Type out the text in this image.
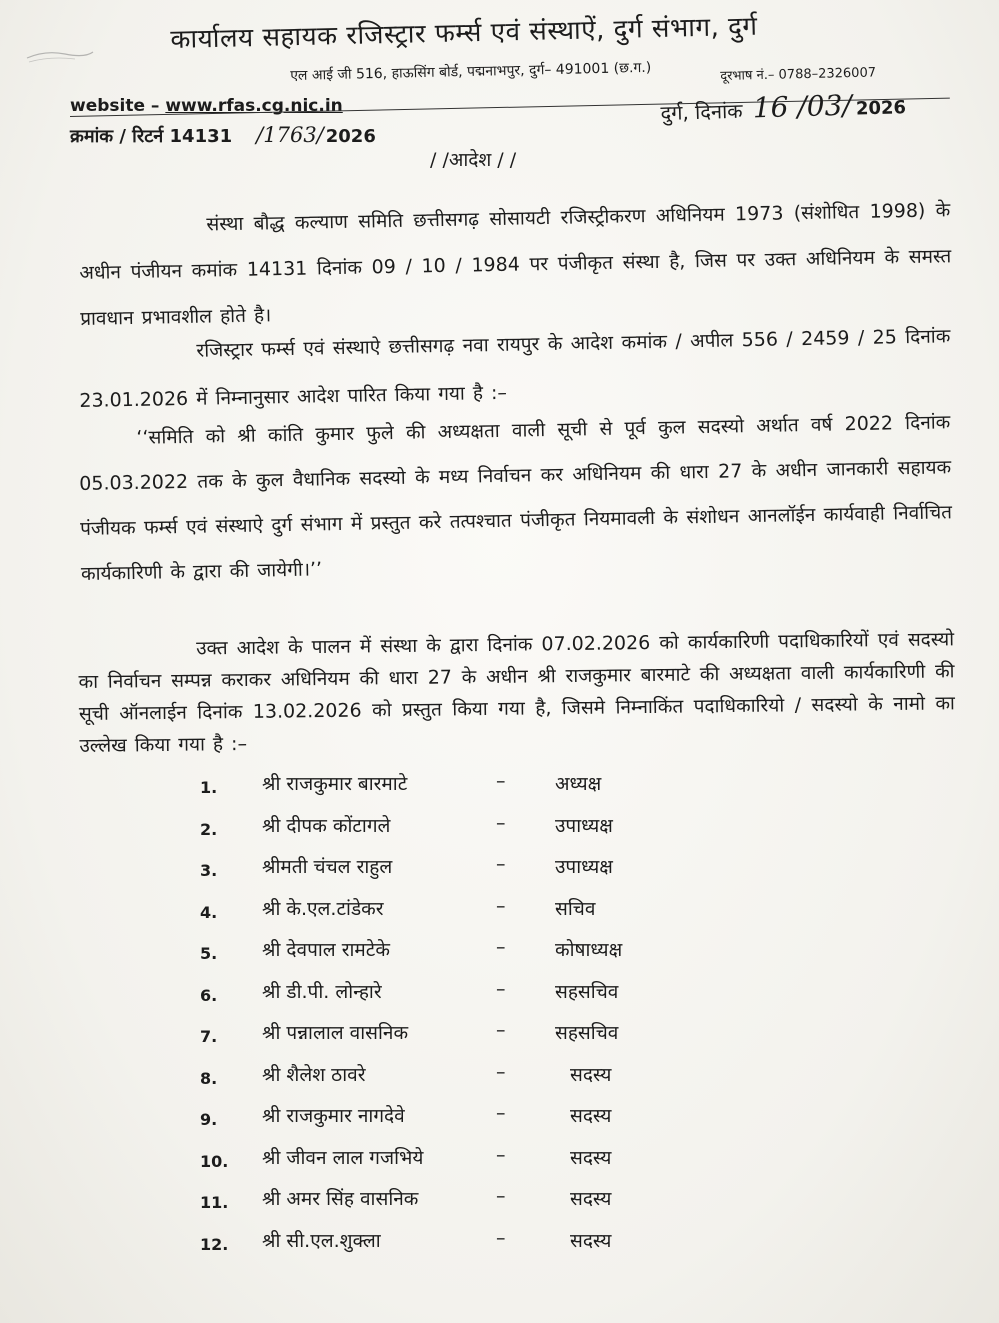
कार्यालय सहायक रजिस्ट्रार फर्म्स एवं संस्थाऐं, दुर्ग संभाग, दुर्ग
एल आई जी 516, हाऊसिंग बोर्ड, पद्मनाभपुर, दुर्ग– 491001 (छ.ग.)	दूरभाष नं.– 0788–2326007
website – www.rfas.cg.nic.in
क्रमांक / रिटर्न 14131 /1763/ 2026
दुर्ग, दिनांक 16 /03/ 2026
/ /आदेश / /

संस्था बौद्ध कल्याण समिति छत्तीसगढ़ सोसायटी रजिस्ट्रीकरण अधिनियम 1973 (संशोधित 1998) के अधीन पंजीयन कमांक 14131 दिनांक 09 / 10 / 1984 पर पंजीकृत संस्था है, जिस पर उक्त अधिनियम के समस्त प्रावधान प्रभावशील होते है।

रजिस्ट्रार फर्म्स एवं संस्थाऐ छत्तीसगढ़ नवा रायपुर के आदेश कमांक / अपील 556 / 2459 / 25 दिनांक 23.01.2026 में निम्नानुसार आदेश पारित किया गया है :–

‘‘समिति को श्री कांति कुमार फुले की अध्यक्षता वाली सूची से पूर्व कुल सदस्यो अर्थात वर्ष 2022 दिनांक 05.03.2022 तक के कुल वैधानिक सदस्यो के मध्य निर्वाचन कर अधिनियम की धारा 27 के अधीन जानकारी सहायक पंजीयक फर्म्स एवं संस्थाऐ दुर्ग संभाग में प्रस्तुत करे तत्पश्चात पंजीकृत नियमावली के संशोधन आनलॉईन कार्यवाही निर्वाचित कार्यकारिणी के द्वारा की जायेगी।’’

उक्त आदेश के पालन में संस्था के द्वारा दिनांक 07.02.2026 को कार्यकारिणी पदाधिकारियों एवं सदस्यो का निर्वाचन सम्पन्न कराकर अधिनियम की धारा 27 के अधीन श्री राजकुमार बारमाटे की अध्यक्षता वाली कार्यकारिणी की सूची ऑनलाईन दिनांक 13.02.2026 को प्रस्तुत किया गया है, जिसमे निम्नाकिंत पदाधिकारियो / सदस्यो के नामो का उल्लेख किया गया है :–

1. श्री राजकुमार बारमाटे	–	अध्यक्ष
2. श्री दीपक कोंटागले	–	उपाध्यक्ष
3. श्रीमती चंचल राहुल	–	उपाध्यक्ष
4. श्री के.एल.टांडेकर	–	सचिव
5. श्री देवपाल रामटेके	–	कोषाध्यक्ष
6. श्री डी.पी. लोन्हारे	–	सहसचिव
7. श्री पन्नालाल वासनिक	–	सहसचिव
8. श्री शैलेश ठावरे	–	सदस्य
9. श्री राजकुमार नागदेवे	–	सदस्य
10. श्री जीवन लाल गजभिये	–	सदस्य
11. श्री अमर सिंह वासनिक	–	सदस्य
12. श्री सी.एल.शुक्ला	–	सदस्य
